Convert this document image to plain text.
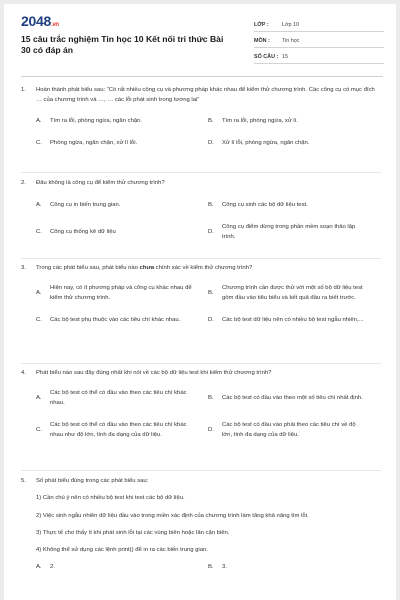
2048.vn
15 câu trắc nghiệm Tin học 10 Kết nối tri thức Bài 30 có đáp án
LỚP :	Lớp 10
MÔN :	Tin học
SỐ CÂU : 15
1. Hoàn thành phát biểu sau: “Có rất nhiều công cụ và phương pháp khác nhau để kiểm thử chương trình. Các công cụ có mục đích … của chương trình và …, … các lỗi phát sinh trong tương lai”
A. Tìm ra lỗi, phòng ngừa, ngăn chặn.	B. Tìm ra lỗi, phòng ngừa, xử lí.
C. Phòng ngừa, ngăn chặn, xử lí lỗi.	D. Xử lí lỗi, phòng ngừa, ngăn chặn.
2. Đâu không là công cụ để kiểm thử chương trình?
A. Công cụ in biến trung gian.	B. Công cụ sinh các bộ dữ liệu test.
C. Công cụ thống kê dữ liệu	D.
Công cụ điểm dừng trong phần mềm soạn thảo lập trình.
3. Trong các phát biểu sau, phát biểu nào chưa chính xác về kiểm thử chương trình?
A.
Hiện nay, có ít phương pháp và công cụ khác nhau để kiểm thử chương trình.
B.
Chương trình cần được thử với một số bộ dữ liệu test gồm đầu vào tiêu biểu và kết quả đầu ra biết trước.
C. Các bộ test phụ thuộc vào các tiêu chí khác nhau.	D. Các bộ test dữ liệu nên có nhiều bộ test ngẫu nhiên,...
4. Phát biểu nào sau đây đúng nhất khi nói về các bộ dữ liệu test khi kiểm thử chương trình?
A.
Các bộ test có thể có đầu vào theo các tiêu chí khác nhau.
B. Các bộ test có đầu vào theo một số tiêu chí nhất định.
C.
Các bộ test có thể có đầu vào theo các tiêu chí khác nhau như độ lớn, tính đa dạng của dữ liệu.
D.
Các bộ test có đầu vào phải theo các tiêu chí về độ lớn, tính đa dạng của dữ liệu.
5. Số phát biểu đúng trong các phát biểu sau:
1) Cần chú ý nên có nhiều bộ test khi test các bộ dữ liệu.
2) Việc sinh ngẫu nhiên dữ liệu đầu vào trong miền xác định của chương trình làm tăng khả năng tìm lỗi.
3) Thực tế cho thấy ít khi phát sinh lỗi tại các vùng biên hoặc lân cận biên.
4) Không thể sử dụng các lệnh print() để in ra các biến trung gian.
A. 2.	B. 3.
